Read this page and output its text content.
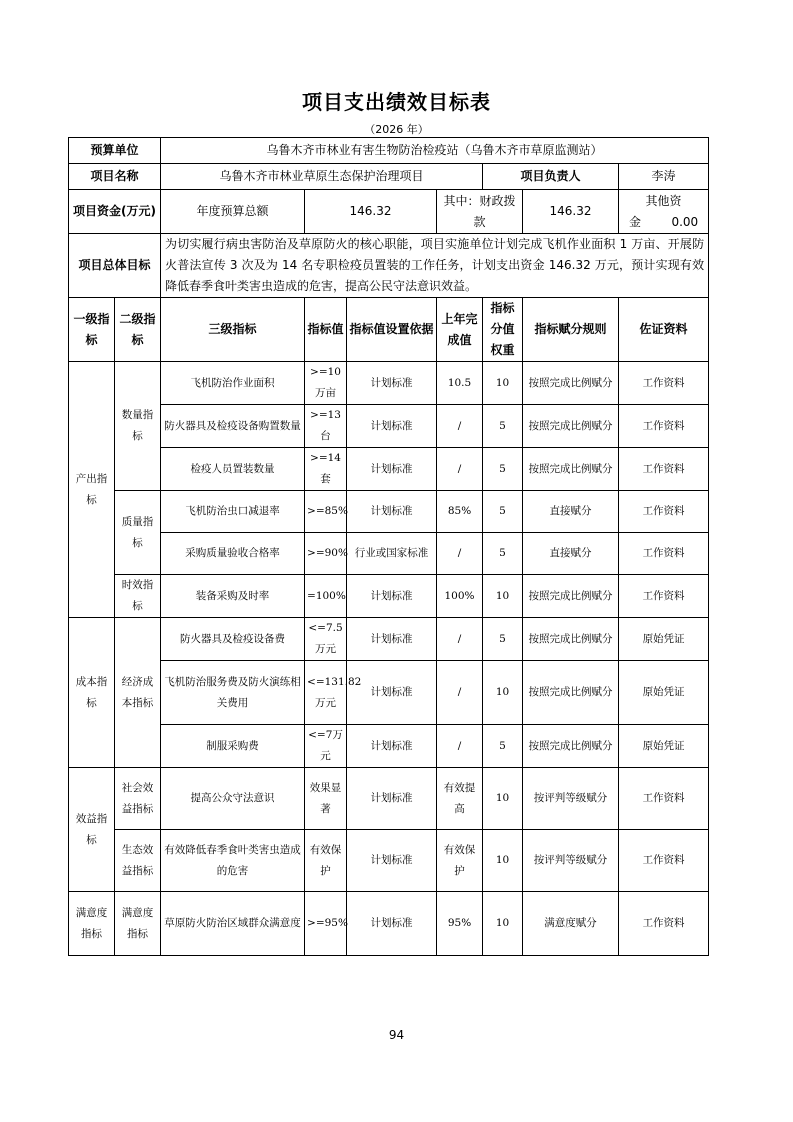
项目支出绩效目标表
（2026 年）
预算单位		乌鲁木齐市林业有害生物防治检疫站（乌鲁木齐市草原监测站）						
项目名称		乌鲁木齐市林业草原生态保护治理项目				项目负责人		李涛
项目资金(万元)		年度预算总额	146.32		其中：财政拨款		146.32	其他资金 0.00
项目总体目标		为切实履行病虫害防治及草原防火的核心职能，项目实施单位计划完成飞机作业面积 1 万亩、开展防火普法宣传 3 次及为 14 名专职检疫员置装的工作任务，计划支出资金 146.32 万元，预计实现有效降低春季食叶类害虫造成的危害，提高公民守法意识效益。						
一级指标	二级指标	三级指标	指标值	指标值设置依据	上年完成值	指标分值权重	指标赋分规则	佐证资料
产出指标	数量指标	飞机防治作业面积	>=10万亩	计划标准	10.5	10	按照完成比例赋分	工作资料
		防火器具及检疫设备购置数量	>=13台	计划标准	/	5	按照完成比例赋分	工作资料
		检疫人员置装数量	>=14套	计划标准	/	5	按照完成比例赋分	工作资料
	质量指标	飞机防治虫口减退率	>=85%	计划标准	85%	5	直接赋分	工作资料
		采购质量验收合格率	>=90%	行业或国家标准	/	5	直接赋分	工作资料
	时效指标	装备采购及时率	=100%	计划标准	100%	10	按照完成比例赋分	工作资料
成本指标	经济成本指标	防火器具及检疫设备费	<=7.5万元	计划标准	/	5	按照完成比例赋分	原始凭证
		飞机防治服务费及防火演练相关费用	<=131.82万元	计划标准	/	10	按照完成比例赋分	原始凭证
		制服采购费	<=7万元	计划标准	/	5	按照完成比例赋分	原始凭证
效益指标	社会效益指标	提高公众守法意识	效果显著	计划标准	有效提高	10	按评判等级赋分	工作资料
	生态效益指标	有效降低春季食叶类害虫造成的危害	有效保护	计划标准	有效保护	10	按评判等级赋分	工作资料
满意度指标	满意度指标	草原防火防治区域群众满意度	>=95%	计划标准	95%	10	满意度赋分	工作资料
94
